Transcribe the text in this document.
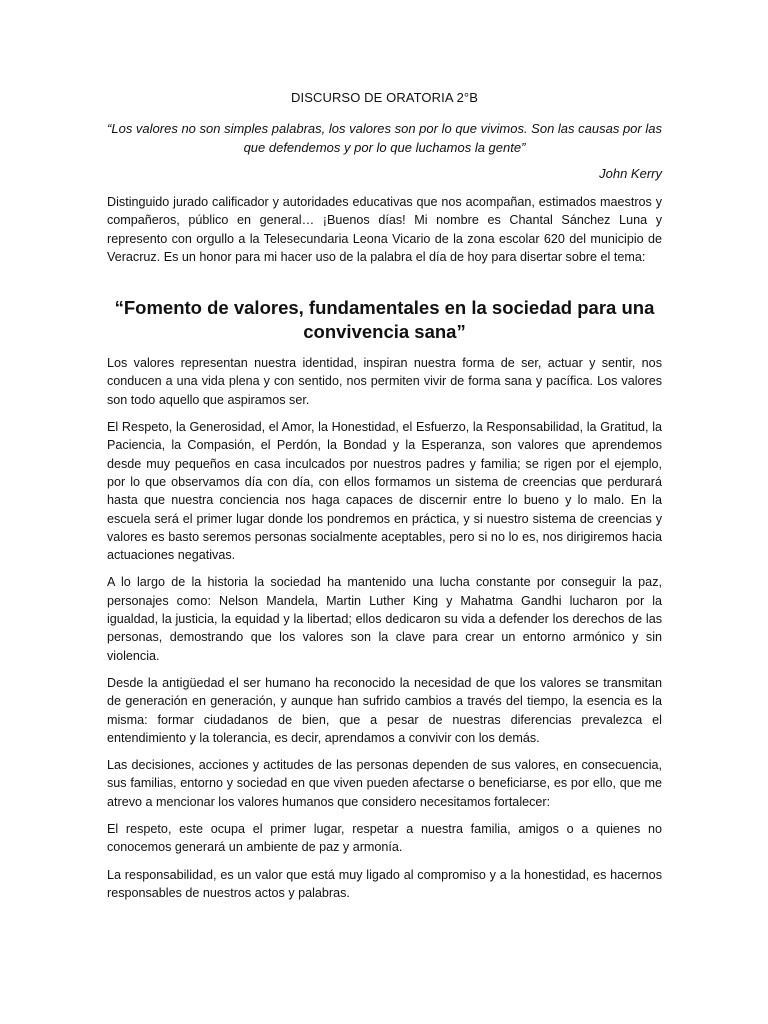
DISCURSO DE ORATORIA 2°B
“Los valores no son simples palabras, los valores son por lo que vivimos. Son las causas por las que defendemos y por lo que luchamos la gente”
John Kerry
Distinguido jurado calificador y autoridades educativas que nos acompañan, estimados maestros y compañeros, público en general… ¡Buenos días! Mi nombre es Chantal Sánchez Luna y represento con orgullo a la Telesecundaria Leona Vicario de la zona escolar 620 del municipio de Veracruz. Es un honor para mi hacer uso de la palabra el día de hoy para disertar sobre el tema:
“Fomento de valores, fundamentales en la sociedad para una convivencia sana”
Los valores representan nuestra identidad, inspiran nuestra forma de ser, actuar y sentir, nos conducen a una vida plena y con sentido, nos permiten vivir de forma sana y pacífica. Los valores son todo aquello que aspiramos ser.
El Respeto, la Generosidad, el Amor, la Honestidad, el Esfuerzo, la Responsabilidad, la Gratitud, la Paciencia, la Compasión, el Perdón, la Bondad y la Esperanza, son valores que aprendemos desde muy pequeños en casa inculcados por nuestros padres y familia; se rigen por el ejemplo, por lo que observamos día con día, con ellos formamos un sistema de creencias que perdurará hasta que nuestra conciencia nos haga capaces de discernir entre lo bueno y lo malo. En la escuela será el primer lugar donde los pondremos en práctica, y si nuestro sistema de creencias y valores es basto seremos personas socialmente aceptables, pero si no lo es, nos dirigiremos hacia actuaciones negativas.
A lo largo de la historia la sociedad ha mantenido una lucha constante por conseguir la paz, personajes como: Nelson Mandela, Martin Luther King y Mahatma Gandhi lucharon por la igualdad, la justicia, la equidad y la libertad; ellos dedicaron su vida a defender los derechos de las personas, demostrando que los valores son la clave para crear un entorno armónico y sin violencia.
Desde la antigüedad el ser humano ha reconocido la necesidad de que los valores se transmitan de generación en generación, y aunque han sufrido cambios a través del tiempo, la esencia es la misma: formar ciudadanos de bien, que a pesar de nuestras diferencias prevalezca el entendimiento y la tolerancia, es decir, aprendamos a convivir con los demás.
Las decisiones, acciones y actitudes de las personas dependen de sus valores, en consecuencia, sus familias, entorno y sociedad en que viven pueden afectarse o beneficiarse, es por ello, que me atrevo a mencionar los valores humanos que considero necesitamos fortalecer:
El respeto, este ocupa el primer lugar, respetar a nuestra familia, amigos o a quienes no conocemos generará un ambiente de paz y armonía.
La responsabilidad, es un valor que está muy ligado al compromiso y a la honestidad, es hacernos responsables de nuestros actos y palabras.
